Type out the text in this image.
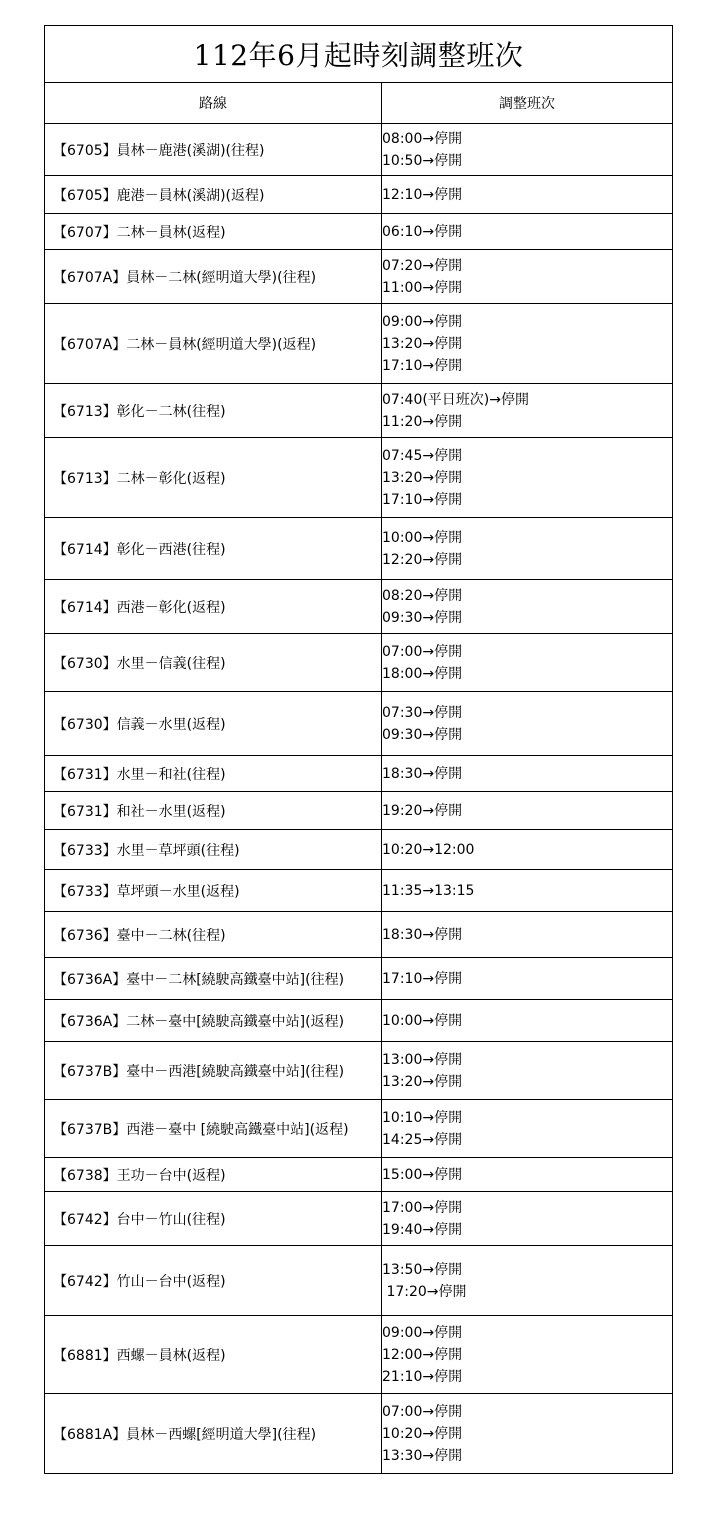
112年6月起時刻調整班次	
路線	調整班次
【6705】員林－鹿港(溪湖)(往程)	08:00→停開
10:50→停開

【6705】鹿港－員林(溪湖)(返程)	12:10→停開

【6707】二林－員林(返程)	06:10→停開

【6707A】員林－二林(經明道大學)(往程)	07:20→停開
11:00→停開

【6707A】二林－員林(經明道大學)(返程)	09:00→停開
13:20→停開
17:10→停開

【6713】彰化－二林(往程)	07:40(平日班次)→停開
11:20→停開

【6713】二林－彰化(返程)	07:45→停開
13:20→停開
17:10→停開

【6714】彰化－西港(往程)	10:00→停開
12:20→停開

【6714】西港－彰化(返程)	08:20→停開
09:30→停開

【6730】水里－信義(往程)	07:00→停開
18:00→停開

【6730】信義－水里(返程)	07:30→停開
09:30→停開

【6731】水里－和社(往程)	18:30→停開

【6731】和社－水里(返程)	19:20→停開

【6733】水里－草坪頭(往程)	10:20→12:00

【6733】草坪頭－水里(返程)	11:35→13:15

【6736】臺中－二林(往程)	18:30→停開

【6736A】臺中－二林[繞駛高鐵臺中站](往程)	17:10→停開

【6736A】二林－臺中[繞駛高鐵臺中站](返程)	10:00→停開

【6737B】臺中－西港[繞駛高鐵臺中站](往程)	13:00→停開
13:20→停開

【6737B】西港－臺中 [繞駛高鐵臺中站](返程)	10:10→停開
14:25→停開

【6738】王功－台中(返程)	15:00→停開

【6742】台中－竹山(往程)	17:00→停開
19:40→停開

【6742】竹山－台中(返程)	13:50→停開
17:20→停開

【6881】西螺－員林(返程)	09:00→停開
12:00→停開
21:10→停開

【6881A】員林－西螺[經明道大學](往程)	07:00→停開
10:20→停開
13:30→停開
